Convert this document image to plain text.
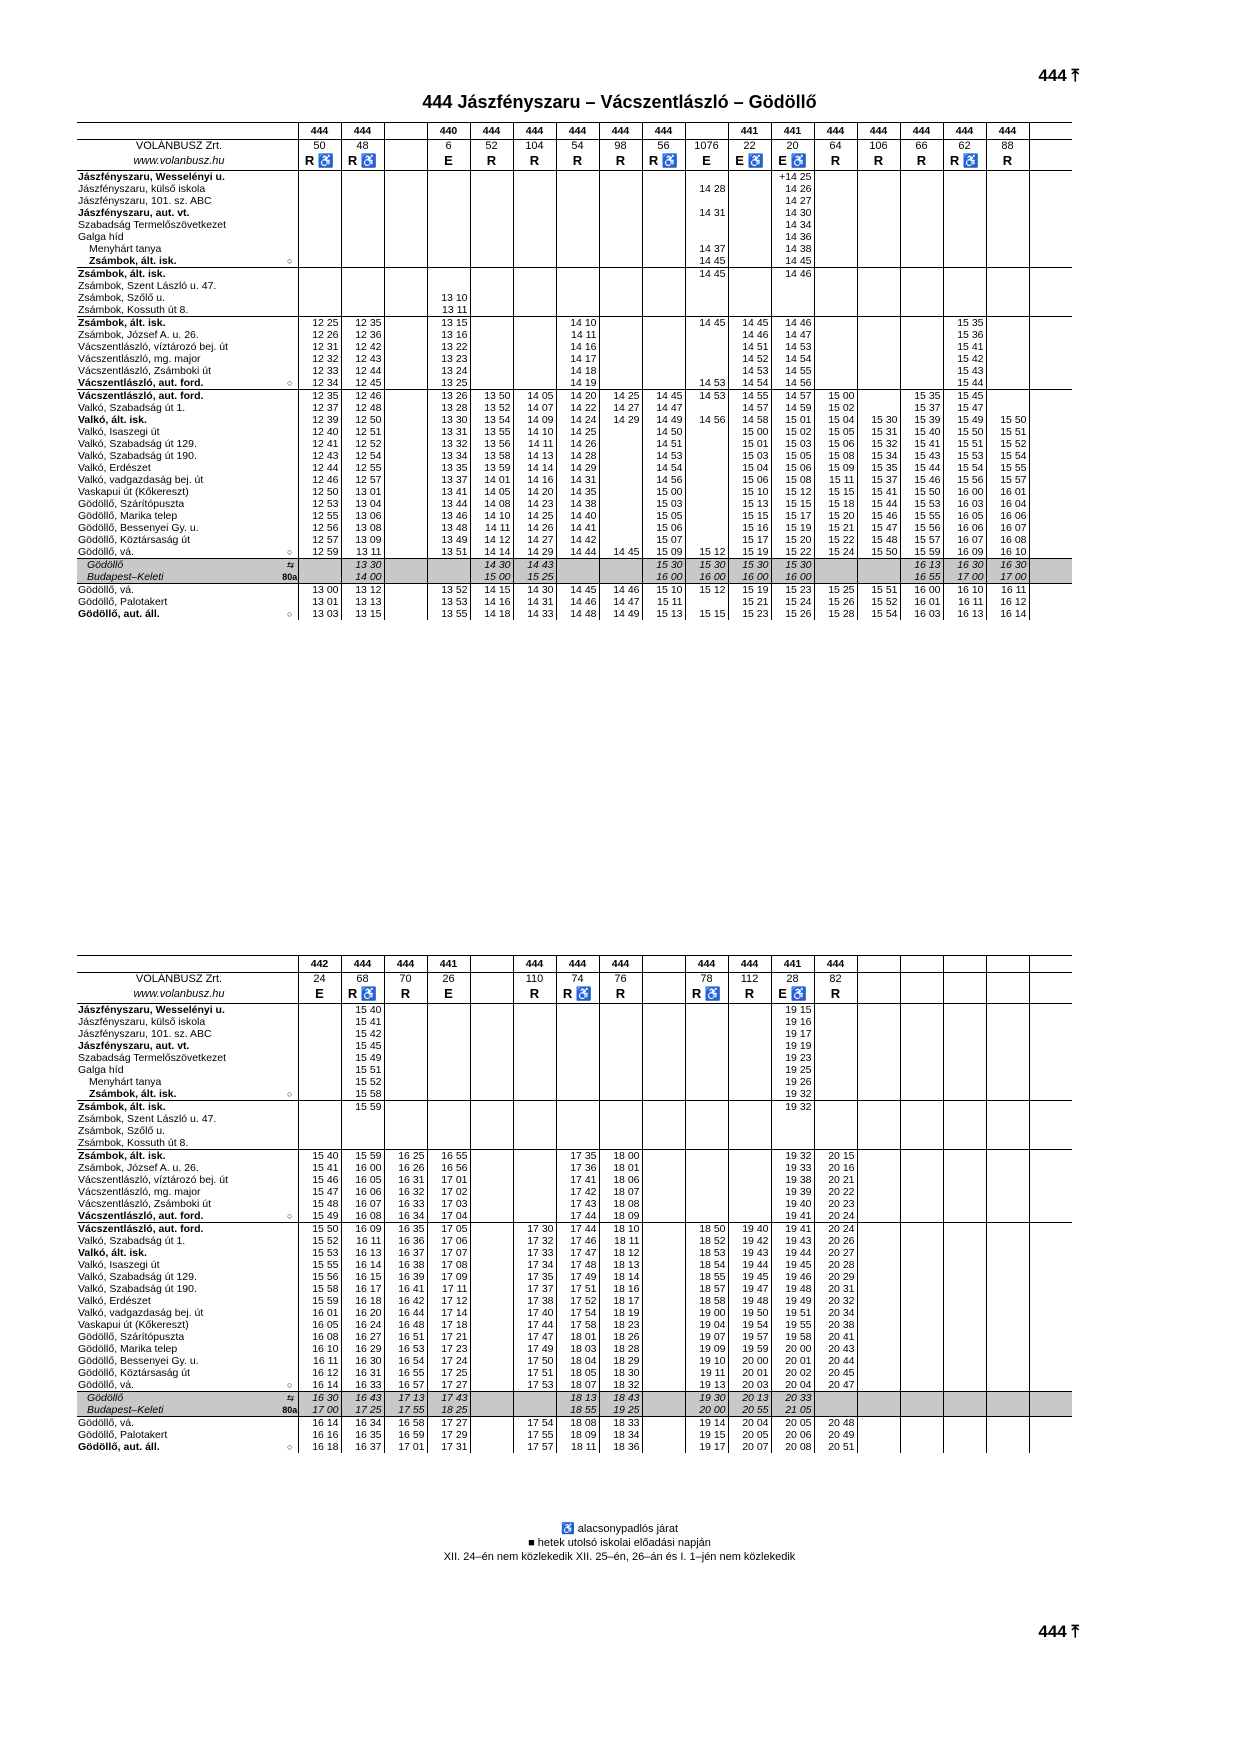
444 ⤒
444 Jászfényszaru – Vácszentlászló – Gödöllő
		444	444		440	444	444	444	444	444		441	441	444	444	444	444	444	
VOLÁNBUSZ Zrt.		50	48		6	52	104	54	98	56	1076	22	20	64	106	66	62	88	
www.volanbusz.hu		R ♿	R ♿		E	R	R	R	R	R ♿	E	E ♿	E ♿	R	R	R	R ♿	R	
Jászfényszaru, Wesselényi u.													+14 25						
Jászfényszaru, külső iskola											14 28		14 26						
Jászfényszaru, 101. sz. ABC													14 27						
Jászfényszaru, aut. vt.											14 31		14 30						
Szabadság Termelőszövetkezet													14 34						
Galga híd													14 36						
Menyhárt tanya											14 37		14 38						
Zsámbok, ált. isk.	○										14 45		14 45						
Zsámbok, ált. isk.											14 45		14 46						
Zsámbok, Szent László u. 47.																			
Zsámbok, Szőlő u.					13 10														
Zsámbok, Kossuth út 8.					13 11														
Zsámbok, ált. isk.		12 25	12 35		13 15			14 10			14 45	14 45	14 46				15 35		
Zsámbok, József A. u. 26.		12 26	12 36		13 16			14 11				14 46	14 47				15 36		
Vácszentlászló, víztározó bej. út		12 31	12 42		13 22			14 16				14 51	14 53				15 41		
Vácszentlászló, mg. major		12 32	12 43		13 23			14 17				14 52	14 54				15 42		
Vácszentlászló, Zsámboki út		12 33	12 44		13 24			14 18				14 53	14 55				15 43		
Vácszentlászló, aut. ford.	○	12 34	12 45		13 25			14 19			14 53	14 54	14 56				15 44		
Vácszentlászló, aut. ford.		12 35	12 46		13 26	13 50	14 05	14 20	14 25	14 45	14 53	14 55	14 57	15 00		15 35	15 45		
Valkó, Szabadság út 1.		12 37	12 48		13 28	13 52	14 07	14 22	14 27	14 47		14 57	14 59	15 02		15 37	15 47		
Valkó, ált. isk.		12 39	12 50		13 30	13 54	14 09	14 24	14 29	14 49	14 56	14 58	15 01	15 04	15 30	15 39	15 49	15 50	
Valkó, Isaszegi út		12 40	12 51		13 31	13 55	14 10	14 25		14 50		15 00	15 02	15 05	15 31	15 40	15 50	15 51	
Valkó, Szabadság út 129.		12 41	12 52		13 32	13 56	14 11	14 26		14 51		15 01	15 03	15 06	15 32	15 41	15 51	15 52	
Valkó, Szabadság út 190.		12 43	12 54		13 34	13 58	14 13	14 28		14 53		15 03	15 05	15 08	15 34	15 43	15 53	15 54	
Valkó, Erdészet		12 44	12 55		13 35	13 59	14 14	14 29		14 54		15 04	15 06	15 09	15 35	15 44	15 54	15 55	
Valkó, vadgazdaság bej. út		12 46	12 57		13 37	14 01	14 16	14 31		14 56		15 06	15 08	15 11	15 37	15 46	15 56	15 57	
Vaskapui út (Kőkereszt)		12 50	13 01		13 41	14 05	14 20	14 35		15 00		15 10	15 12	15 15	15 41	15 50	16 00	16 01	
Gödöllő, Szárítópuszta		12 53	13 04		13 44	14 08	14 23	14 38		15 03		15 13	15 15	15 18	15 44	15 53	16 03	16 04	
Gödöllő, Marika telep		12 55	13 06		13 46	14 10	14 25	14 40		15 05		15 15	15 17	15 20	15 46	15 55	16 05	16 06	
Gödöllő, Bessenyei Gy. u.		12 56	13 08		13 48	14 11	14 26	14 41		15 06		15 16	15 19	15 21	15 47	15 56	16 06	16 07	
Gödöllő, Köztársaság út		12 57	13 09		13 49	14 12	14 27	14 42		15 07		15 17	15 20	15 22	15 48	15 57	16 07	16 08	
Gödöllő, vá.	○	12 59	13 11		13 51	14 14	14 29	14 44	14 45	15 09	15 12	15 19	15 22	15 24	15 50	15 59	16 09	16 10	
Gödöllő	⇆		13 30			14 30	14 43			15 30	15 30	15 30	15 30			16 13	16 30	16 30	
Budapest–Keleti	80a		14 00			15 00	15 25			16 00	16 00	16 00	16 00			16 55	17 00	17 00	
Gödöllő, vá.		13 00	13 12		13 52	14 15	14 30	14 45	14 46	15 10	15 12	15 19	15 23	15 25	15 51	16 00	16 10	16 11	
Gödöllő, Palotakert		13 01	13 13		13 53	14 16	14 31	14 46	14 47	15 11		15 21	15 24	15 26	15 52	16 01	16 11	16 12	
Gödöllő, aut. áll.	○	13 03	13 15		13 55	14 18	14 33	14 48	14 49	15 13	15 15	15 23	15 26	15 28	15 54	16 03	16 13	16 14	
		442	444	444	441		444	444	444		444	444	441	444					
VOLÁNBUSZ Zrt.		24	68	70	26		110	74	76		78	112	28	82					
www.volanbusz.hu		E	R ♿	R	E		R	R ♿	R		R ♿	R	E ♿	R					
Jászfényszaru, Wesselényi u.			15 40										19 15						
Jászfényszaru, külső iskola			15 41										19 16						
Jászfényszaru, 101. sz. ABC			15 42										19 17						
Jászfényszaru, aut. vt.			15 45										19 19						
Szabadság Termelőszövetkezet			15 49										19 23						
Galga híd			15 51										19 25						
Menyhárt tanya			15 52										19 26						
Zsámbok, ált. isk.	○		15 58										19 32						
Zsámbok, ált. isk.			15 59										19 32						
Zsámbok, Szent László u. 47.																			
Zsámbok, Szőlő u.																			
Zsámbok, Kossuth út 8.																			
Zsámbok, ált. isk.		15 40	15 59	16 25	16 55			17 35	18 00				19 32	20 15					
Zsámbok, József A. u. 26.		15 41	16 00	16 26	16 56			17 36	18 01				19 33	20 16					
Vácszentlászló, víztározó bej. út		15 46	16 05	16 31	17 01			17 41	18 06				19 38	20 21					
Vácszentlászló, mg. major		15 47	16 06	16 32	17 02			17 42	18 07				19 39	20 22					
Vácszentlászló, Zsámboki út		15 48	16 07	16 33	17 03			17 43	18 08				19 40	20 23					
Vácszentlászló, aut. ford.	○	15 49	16 08	16 34	17 04			17 44	18 09				19 41	20 24					
Vácszentlászló, aut. ford.		15 50	16 09	16 35	17 05		17 30	17 44	18 10		18 50	19 40	19 41	20 24					
Valkó, Szabadság út 1.		15 52	16 11	16 36	17 06		17 32	17 46	18 11		18 52	19 42	19 43	20 26					
Valkó, ált. isk.		15 53	16 13	16 37	17 07		17 33	17 47	18 12		18 53	19 43	19 44	20 27					
Valkó, Isaszegi út		15 55	16 14	16 38	17 08		17 34	17 48	18 13		18 54	19 44	19 45	20 28					
Valkó, Szabadság út 129.		15 56	16 15	16 39	17 09		17 35	17 49	18 14		18 55	19 45	19 46	20 29					
Valkó, Szabadság út 190.		15 58	16 17	16 41	17 11		17 37	17 51	18 16		18 57	19 47	19 48	20 31					
Valkó, Erdészet		15 59	16 18	16 42	17 12		17 38	17 52	18 17		18 58	19 48	19 49	20 32					
Valkó, vadgazdaság bej. út		16 01	16 20	16 44	17 14		17 40	17 54	18 19		19 00	19 50	19 51	20 34					
Vaskapui út (Kőkereszt)		16 05	16 24	16 48	17 18		17 44	17 58	18 23		19 04	19 54	19 55	20 38					
Gödöllő, Szárítópuszta		16 08	16 27	16 51	17 21		17 47	18 01	18 26		19 07	19 57	19 58	20 41					
Gödöllő, Marika telep		16 10	16 29	16 53	17 23		17 49	18 03	18 28		19 09	19 59	20 00	20 43					
Gödöllő, Bessenyei Gy. u.		16 11	16 30	16 54	17 24		17 50	18 04	18 29		19 10	20 00	20 01	20 44					
Gödöllő, Köztársaság út		16 12	16 31	16 55	17 25		17 51	18 05	18 30		19 11	20 01	20 02	20 45					
Gödöllő, vá.	○	16 14	16 33	16 57	17 27		17 53	18 07	18 32		19 13	20 03	20 04	20 47					
Gödöllő	⇆	16 30	16 43	17 13	17 43			18 13	18 43		19 30	20 13	20 33						
Budapest–Keleti	80a	17 00	17 25	17 55	18 25			18 55	19 25		20 00	20 55	21 05						
Gödöllő, vá.		16 14	16 34	16 58	17 27		17 54	18 08	18 33		19 14	20 04	20 05	20 48					
Gödöllő, Palotakert		16 16	16 35	16 59	17 29		17 55	18 09	18 34		19 15	20 05	20 06	20 49					
Gödöllő, aut. áll.	○	16 18	16 37	17 01	17 31		17 57	18 11	18 36		19 17	20 07	20 08	20 51					
♿ alacsonypadlós járat
■ hetek utolsó iskolai előadási napján
XII. 24–én nem közlekedik XII. 25–én, 26–án és I. 1–jén nem közlekedik
444 ⤒
